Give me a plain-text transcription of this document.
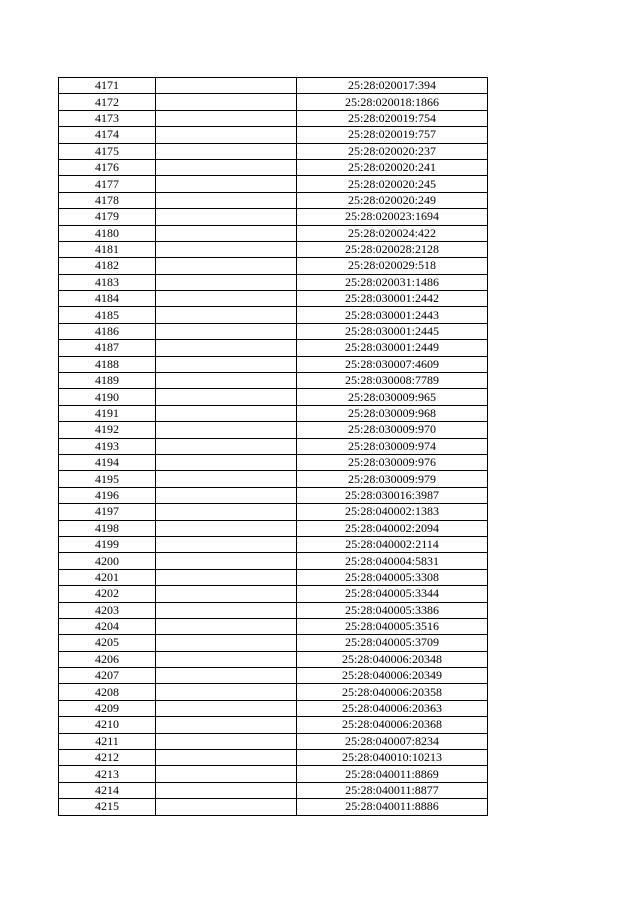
4171		25:28:020017:394
4172		25:28:020018:1866
4173		25:28:020019:754
4174		25:28:020019:757
4175		25:28:020020:237
4176		25:28:020020:241
4177		25:28:020020:245
4178		25:28:020020:249
4179		25:28:020023:1694
4180		25:28:020024:422
4181		25:28:020028:2128
4182		25:28:020029:518
4183		25:28:020031:1486
4184		25:28:030001:2442
4185		25:28:030001:2443
4186		25:28:030001:2445
4187		25:28:030001:2449
4188		25:28:030007:4609
4189		25:28:030008:7789
4190		25:28:030009:965
4191		25:28:030009:968
4192		25:28:030009:970
4193		25:28:030009:974
4194		25:28:030009:976
4195		25:28:030009:979
4196		25:28:030016:3987
4197		25:28:040002:1383
4198		25:28:040002:2094
4199		25:28:040002:2114
4200		25:28:040004:5831
4201		25:28:040005:3308
4202		25:28:040005:3344
4203		25:28:040005:3386
4204		25:28:040005:3516
4205		25:28:040005:3709
4206		25:28:040006:20348
4207		25:28:040006:20349
4208		25:28:040006:20358
4209		25:28:040006:20363
4210		25:28:040006:20368
4211		25:28:040007:8234
4212		25:28:040010:10213
4213		25:28:040011:8869
4214		25:28:040011:8877
4215		25:28:040011:8886
